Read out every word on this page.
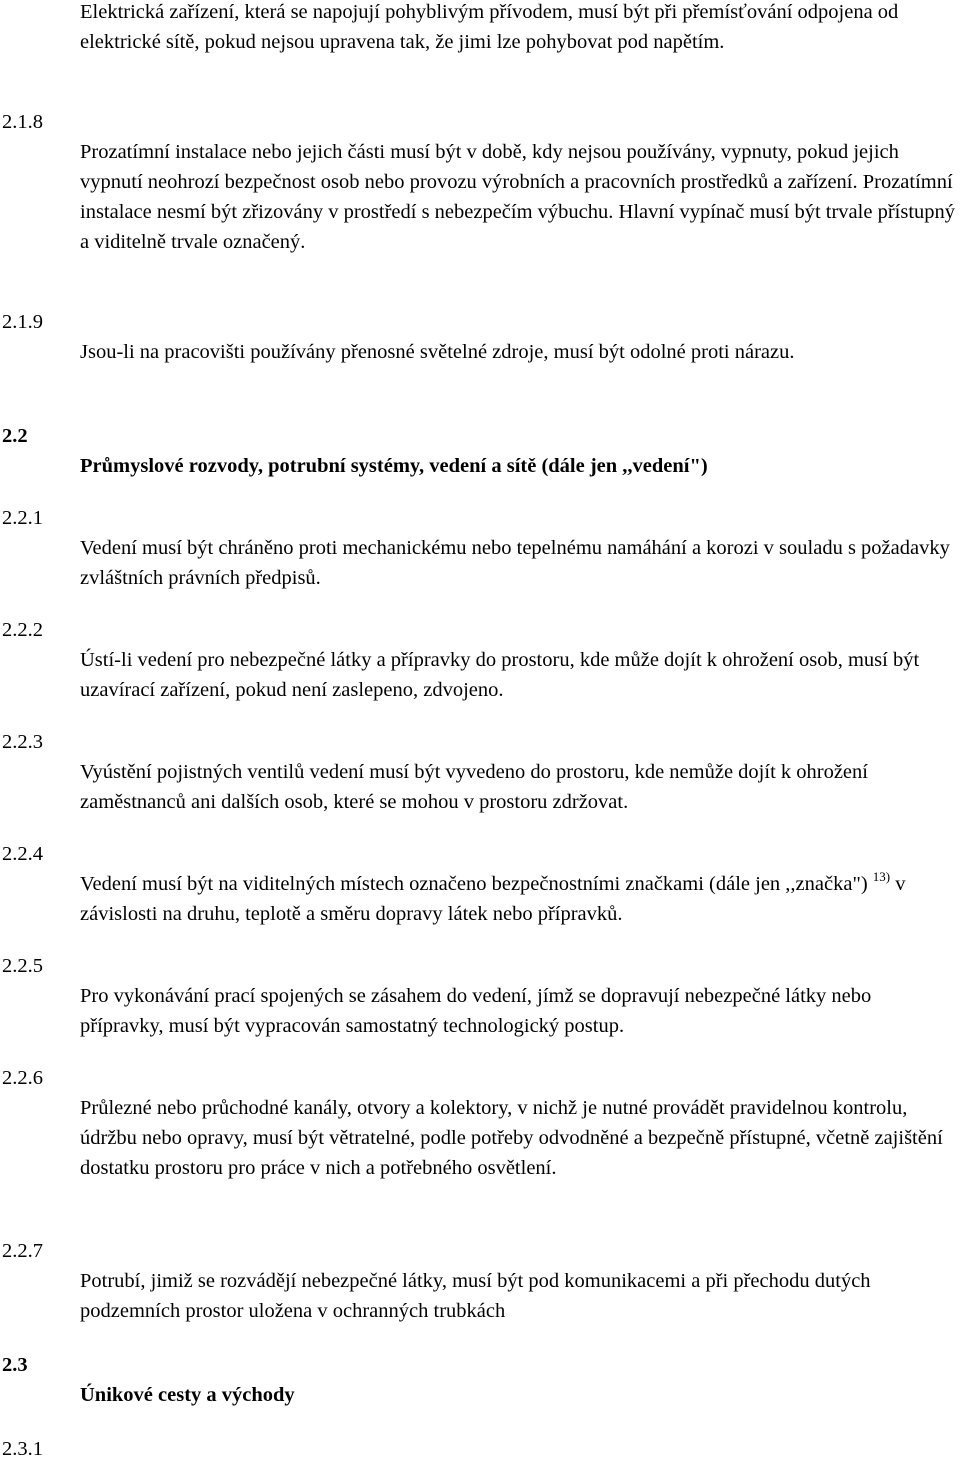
2.1.8
2.1.9
2.2
2.2.1
2.2.2
2.2.3
2.2.4
2.2.5
2.2.6
2.2.7
2.3
2.3.1

Elektrická zařízení, která se napojují pohyblivým přívodem, musí být při přemísťování odpojena od elektrické sítě, pokud nejsou upravena tak, že jimi lze pohybovat pod napětím.

Prozatímní instalace nebo jejich části musí být v době, kdy nejsou používány, vypnuty, pokud jejich vypnutí neohrozí bezpečnost osob nebo provozu výrobních a pracovních prostředků a zařízení. Prozatímní instalace nesmí být zřizovány v prostředí s nebezpečím výbuchu. Hlavní vypínač musí být trvale přístupný a viditelně trvale označený.

Jsou-li na pracovišti používány přenosné světelné zdroje, musí být odolné proti nárazu.

Průmyslové rozvody, potrubní systémy, vedení a sítě (dále jen ,,vedení")

Vedení musí být chráněno proti mechanickému nebo tepelnému namáhání a korozi v souladu s požadavky zvláštních právních předpisů.

Ústí-li vedení pro nebezpečné látky a přípravky do prostoru, kde může dojít k ohrožení osob, musí být uzavírací zařízení, pokud není zaslepeno, zdvojeno.

Vyústění pojistných ventilů vedení musí být vyvedeno do prostoru, kde nemůže dojít k ohrožení zaměstnanců ani dalších osob, které se mohou v prostoru zdržovat.

Vedení musí být na viditelných místech označeno bezpečnostními značkami (dále jen ,,značka") $^{13)}$ v závislosti na druhu, teplotě a směru dopravy látek nebo přípravků.

Pro vykonávání prací spojených se zásahem do vedení, jímž se dopravují nebezpečné látky nebo přípravky, musí být vypracován samostatný technologický postup.

Průlezné nebo průchodné kanály, otvory a kolektory, v nichž je nutné provádět pravidelnou kontrolu, údržbu nebo opravy, musí být větratelné, podle potřeby odvodněné a bezpečně přístupné, včetně zajištění dostatku prostoru pro práce v nich a potřebného osvětlení.

Potrubí, jimiž se rozvádějí nebezpečné látky, musí být pod komunikacemi a při přechodu dutých podzemních prostor uložena v ochranných trubkách

Únikové cesty a východy
